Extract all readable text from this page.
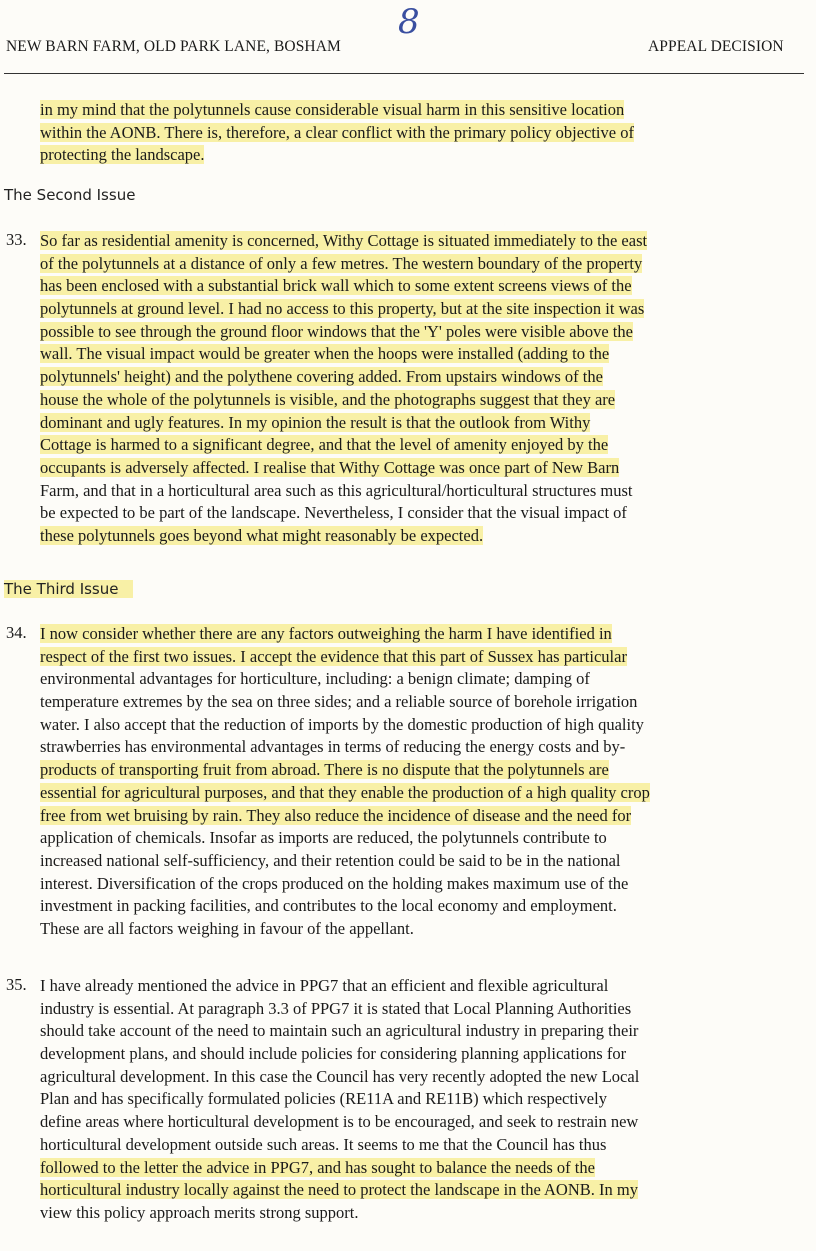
8
NEW BARN FARM, OLD PARK LANE, BOSHAM	APPEAL DECISION
in my mind that the polytunnels cause considerable visual harm in this sensitive location
within the AONB. There is, therefore, a clear conflict with the primary policy objective of
protecting the landscape.
The Second Issue
33. So far as residential amenity is concerned, Withy Cottage is situated immediately to the east
of the polytunnels at a distance of only a few metres. The western boundary of the property
has been enclosed with a substantial brick wall which to some extent screens views of the
polytunnels at ground level. I had no access to this property, but at the site inspection it was
possible to see through the ground floor windows that the 'Y' poles were visible above the
wall. The visual impact would be greater when the hoops were installed (adding to the
polytunnels' height) and the polythene covering added. From upstairs windows of the
house the whole of the polytunnels is visible, and the photographs suggest that they are
dominant and ugly features. In my opinion the result is that the outlook from Withy
Cottage is harmed to a significant degree, and that the level of amenity enjoyed by the
occupants is adversely affected. I realise that Withy Cottage was once part of New Barn
Farm, and that in a horticultural area such as this agricultural/horticultural structures must
be expected to be part of the landscape. Nevertheless, I consider that the visual impact of
these polytunnels goes beyond what might reasonably be expected.
The Third Issue
34. I now consider whether there are any factors outweighing the harm I have identified in
respect of the first two issues. I accept the evidence that this part of Sussex has particular
environmental advantages for horticulture, including: a benign climate; damping of
temperature extremes by the sea on three sides; and a reliable source of borehole irrigation
water. I also accept that the reduction of imports by the domestic production of high quality
strawberries has environmental advantages in terms of reducing the energy costs and by-
products of transporting fruit from abroad. There is no dispute that the polytunnels are
essential for agricultural purposes, and that they enable the production of a high quality crop
free from wet bruising by rain. They also reduce the incidence of disease and the need for
application of chemicals. Insofar as imports are reduced, the polytunnels contribute to
increased national self-sufficiency, and their retention could be said to be in the national
interest. Diversification of the crops produced on the holding makes maximum use of the
investment in packing facilities, and contributes to the local economy and employment.
These are all factors weighing in favour of the appellant.
35. I have already mentioned the advice in PPG7 that an efficient and flexible agricultural
industry is essential. At paragraph 3.3 of PPG7 it is stated that Local Planning Authorities
should take account of the need to maintain such an agricultural industry in preparing their
development plans, and should include policies for considering planning applications for
agricultural development. In this case the Council has very recently adopted the new Local
Plan and has specifically formulated policies (RE11A and RE11B) which respectively
define areas where horticultural development is to be encouraged, and seek to restrain new
horticultural development outside such areas. It seems to me that the Council has thus
followed to the letter the advice in PPG7, and has sought to balance the needs of the
horticultural industry locally against the need to protect the landscape in the AONB. In my
view this policy approach merits strong support.
